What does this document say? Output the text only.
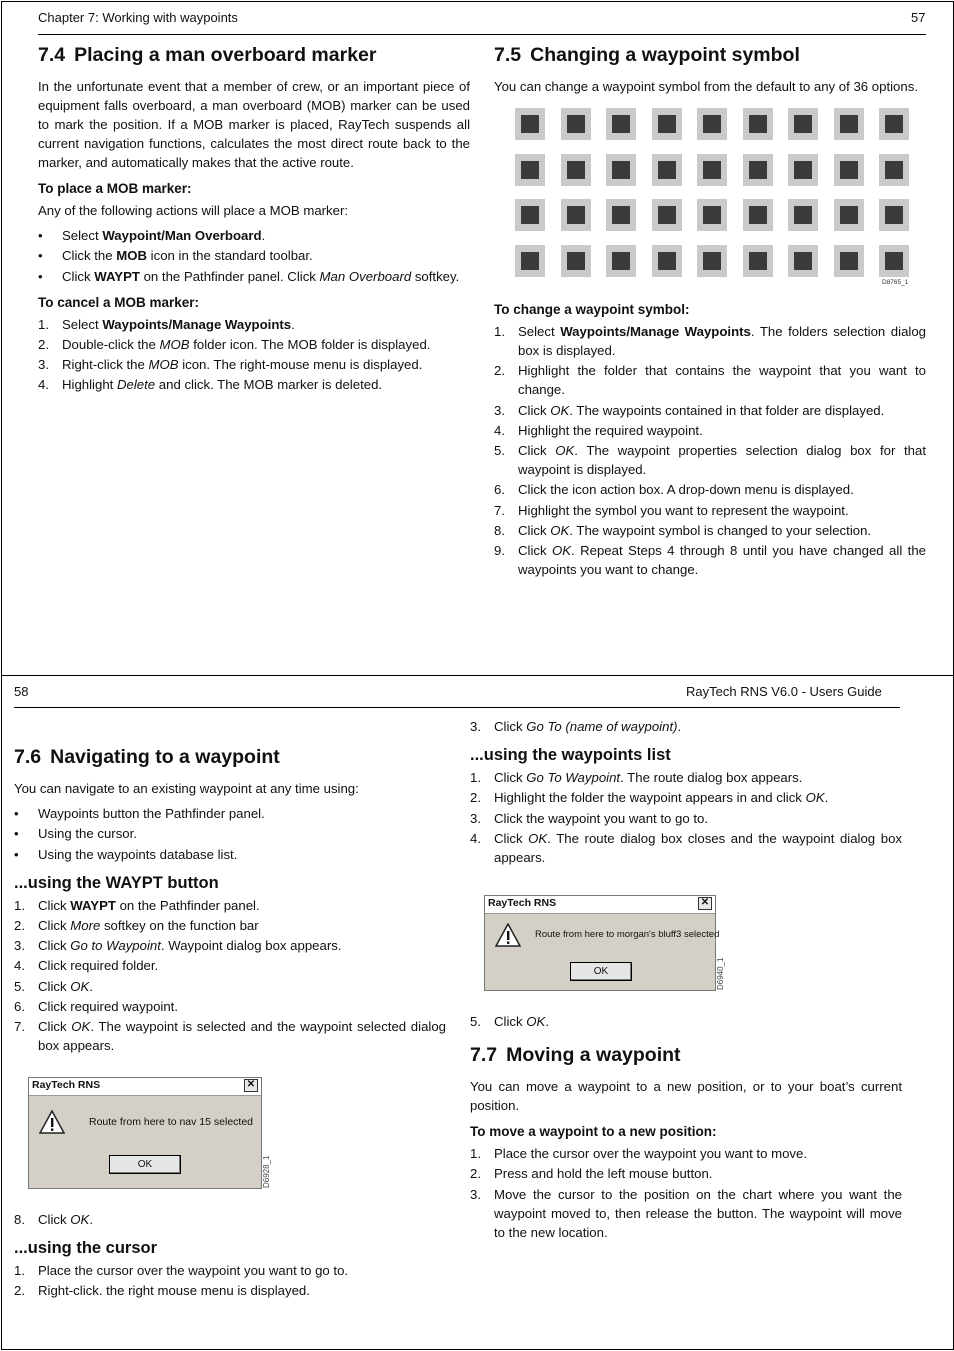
Chapter 7: Working with waypoints	57
7.4 Placing a man overboard marker

In the unfortunate event that a member of crew, or an important piece of equipment falls overboard, a man overboard (MOB) marker can be used to mark the position. If a MOB marker is placed, RayTech suspends all current navigation functions, calculates the most direct route back to the marker, and automatically makes that the active route.

To place a MOB marker:

Any of the following actions will place a MOB marker:

• Select Waypoint/Man Overboard.
• Click the MOB icon in the standard toolbar.
• Click WAYPT on the Pathfinder panel. Click Man Overboard softkey.
To cancel a MOB marker:
1. Select Waypoints/Manage Waypoints.
2. Double-click the MOB folder icon. The MOB folder is displayed.
3. Right-click the MOB icon. The right-mouse menu is displayed.
4. Highlight Delete and click. The MOB marker is deleted.
7.5 Changing a waypoint symbol

You can change a waypoint symbol from the default to any of 36 options.

D8765_1
To change a waypoint symbol:
1. Select Waypoints/Manage Waypoints. The folders selection dialog box is displayed.
2. Highlight the folder that contains the waypoint that you want to change.
3. Click OK. The waypoints contained in that folder are displayed.
4. Highlight the required waypoint.
5. Click OK. The waypoint properties selection dialog box for that waypoint is displayed.
6. Click the icon action box. A drop-down menu is displayed.
7. Highlight the symbol you want to represent the waypoint.
8. Click OK. The waypoint symbol is changed to your selection.
9. Click OK. Repeat Steps 4 through 8 until you have changed all the waypoints you want to change.
58	RayTech RNS V6.0 - Users Guide
7.6 Navigating to a waypoint

You can navigate to an existing waypoint at any time using:

• Waypoints button the Pathfinder panel.
• Using the cursor.
• Using the waypoints database list.
...using the WAYPT button
1. Click WAYPT on the Pathfinder panel.
2. Click More softkey on the function bar
3. Click Go to Waypoint. Waypoint dialog box appears.
4. Click required folder.
5. Click OK.
6. Click required waypoint.
7. Click OK. The waypoint is selected and the waypoint selected dialog box appears.
RayTech RNS	✕
Route from here to nav 15 selected
OK	D6928_1
8. Click OK.
...using the cursor
1. Place the cursor over the waypoint you want to go to.
2. Right-click. the right mouse menu is displayed.
3. Click Go To (name of waypoint).
...using the waypoints list
1. Click Go To Waypoint. The route dialog box appears.
2. Highlight the folder the waypoint appears in and click OK.
3. Click the waypoint you want to go to.
4. Click OK. The route dialog box closes and the waypoint dialog box appears.
RayTech RNS	✕
Route from here to morgan's bluff3 selected
OK	D6940_1
5. Click OK.
7.7 Moving a waypoint

You can move a waypoint to a new position, or to your boat’s current position.

To move a waypoint to a new position:
1. Place the cursor over the waypoint you want to move.
2. Press and hold the left mouse button.
3. Move the cursor to the position on the chart where you want the waypoint moved to, then release the button. The waypoint will move to the new location.
